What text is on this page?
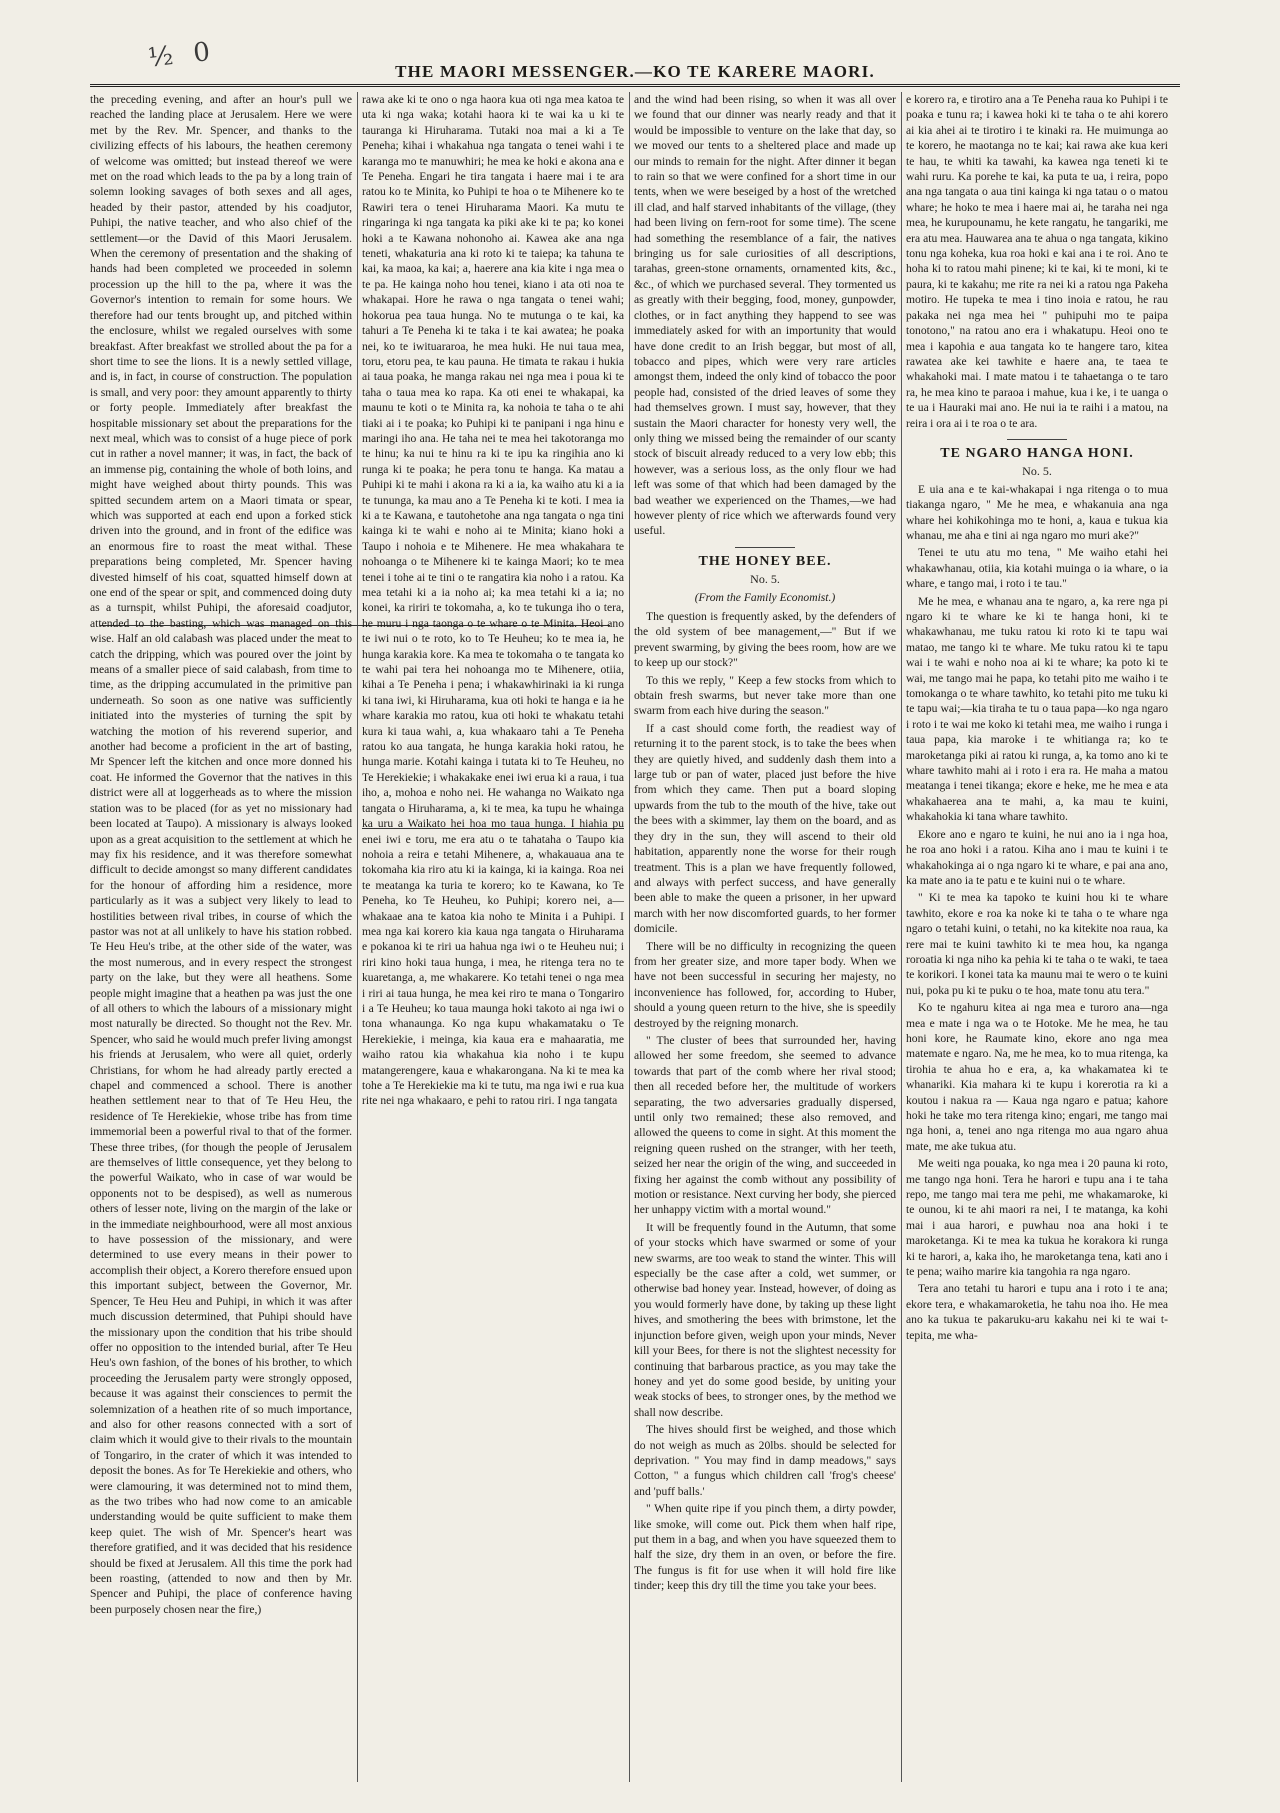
½ 0	THE MAORI MESSENGER.—KO TE KARERE MAORI.

the preceding evening, and after an hour's pull we reached the landing place at Jerusalem. Here we were met by the Rev. Mr. Spencer, and thanks to the civilizing effects of his labours, the heathen ceremony of welcome was omitted; but instead thereof we were met on the road which leads to the pa by a long train of solemn looking savages of both sexes and all ages, headed by their pastor, attended by his coadjutor, Puhipi, the native teacher, and who also chief of the settlement—or the David of this Maori Jerusalem. When the ceremony of presentation and the shaking of hands had been completed we proceeded in solemn procession up the hill to the pa, where it was the Governor's intention to remain for some hours. We therefore had our tents brought up, and pitched within the enclosure, whilst we regaled ourselves with some breakfast. After breakfast we strolled about the pa for a short time to see the lions. It is a newly settled village, and is, in fact, in course of construction. The population is small, and very poor: they amount apparently to thirty or forty people. Immediately after breakfast the hospitable missionary set about the preparations for the next meal, which was to consist of a huge piece of pork cut in rather a novel manner; it was, in fact, the back of an immense pig, containing the whole of both loins, and might have weighed about thirty pounds. This was spitted secundem artem on a Maori timata or spear, which was supported at each end upon a forked stick driven into the ground, and in front of the edifice was an enormous fire to roast the meat withal. These preparations being completed, Mr. Spencer having divested himself of his coat, squatted himself down at one end of the spear or spit, and commenced doing duty as a turnspit, whilst Puhipi, the aforesaid coadjutor, attended to the basting, which was managed on this wise. Half an old calabash was placed under the meat to catch the dripping, which was poured over the joint by means of a smaller piece of said calabash, from time to time, as the dripping accumulated in the primitive pan underneath. So soon as one native was sufficiently initiated into the mysteries of turning the spit by watching the motion of his reverend superior, and another had become a proficient in the art of basting, Mr Spencer left the kitchen and once more donned his coat. He informed the Governor that the natives in this district were all at loggerheads as to where the mission station was to be placed (for as yet no missionary had been located at Taupo). A missionary is always looked upon as a great acquisition to the settlement at which he may fix his residence, and it was therefore somewhat difficult to decide amongst so many different candidates for the honour of affording him a residence, more particularly as it was a subject very likely to lead to hostilities between rival tribes, in course of which the pastor was not at all unlikely to have his station robbed. Te Heu Heu's tribe, at the other side of the water, was the most numerous, and in every respect the strongest party on the lake, but they were all heathens. Some people might imagine that a heathen pa was just the one of all others to which the labours of a missionary might most naturally be directed. So thought not the Rev. Mr. Spencer, who said he would much prefer living amongst his friends at Jerusalem, who were all quiet, orderly Christians, for whom he had already partly erected a chapel and commenced a school. There is another heathen settlement near to that of Te Heu Heu, the residence of Te Herekiekie, whose tribe has from time immemorial been a powerful rival to that of the former. These three tribes, (for though the people of Jerusalem are themselves of little consequence, yet they belong to the powerful Waikato, who in case of war would be opponents not to be despised), as well as numerous others of lesser note, living on the margin of the lake or in the immediate neighbourhood, were all most anxious to have possession of the missionary, and were determined to use every means in their power to accomplish their object, a Korero therefore ensued upon this important subject, between the Governor, Mr. Spencer, Te Heu Heu and Puhipi, in which it was after much discussion determined, that Puhipi should have the missionary upon the condition that his tribe should offer no opposition to the intended burial, after Te Heu Heu's own fashion, of the bones of his brother, to which proceeding the Jerusalem party were strongly opposed, because it was against their consciences to permit the solemnization of a heathen rite of so much importance, and also for other reasons connected with a sort of claim which it would give to their rivals to the mountain of Tongariro, in the crater of which it was intended to deposit the bones. As for Te Herekiekie and others, who were clamouring, it was determined not to mind them, as the two tribes who had now come to an amicable understanding would be quite sufficient to make them keep quiet. The wish of Mr. Spencer's heart was therefore gratified, and it was decided that his residence should be fixed at Jerusalem. All this time the pork had been roasting, (attended to now and then by Mr. Spencer and Puhipi, the place of conference having been purposely chosen near the fire,)

rawa ake ki te ono o nga haora kua oti nga mea katoa te uta ki nga waka; kotahi haora ki te wai ka u ki te tauranga ki Hiruharama. Tutaki noa mai a ki a Te Peneha; kihai i whakahua nga tangata o tenei wahi i te karanga mo te manuwhiri; he mea ke hoki e akona ana e Te Peneha. Engari he tira tangata i haere mai i te ara ratou ko te Minita, ko Puhipi te hoa o te Mihenere ko te Rawiri tera o tenei Hiruharama Maori. Ka mutu te ringaringa ki nga tangata ka piki ake ki te pa; ko konei hoki a te Kawana nohonoho ai. Kawea ake ana nga teneti, whakaturia ana ki roto ki te taiepa; ka tahuna te kai, ka maoa, ka kai; a, haerere ana kia kite i nga mea o te pa. He kainga noho hou tenei, kiano i ata oti noa te whakapai. Hore he rawa o nga tangata o tenei wahi; hokorua pea taua hunga. No te mutunga o te kai, ka tahuri a Te Peneha ki te taka i te kai awatea; he poaka nei, ko te iwituararoa, he mea huki. He nui taua mea, toru, etoru pea, te kau pauna. He timata te rakau i hukia ai taua poaka, he manga rakau nei nga mea i poua ki te taha o taua mea ko rapa. Ka oti enei te whakapai, ka maunu te koti o te Minita ra, ka nohoia te taha o te ahi tiaki ai i te poaka; ko Puhipi ki te panipani i nga hinu e maringi iho ana. He taha nei te mea hei takotoranga mo te hinu; ka nui te hinu ra ki te ipu ka ringihia ano ki runga ki te poaka; he pera tonu te hanga. Ka matau a Puhipi ki te mahi i akona ra ki a ia, ka waiho atu ki a ia te tununga, ka mau ano a Te Peneha ki te koti. I mea ia ki a te Kawana, e tautohetohe ana nga tangata o nga tini kainga ki te wahi e noho ai te Minita; kiano hoki a Taupo i nohoia e te Mihenere. He mea whakahara te nohoanga o te Mihenere ki te kainga Maori; ko te mea tenei i tohe ai te tini o te rangatira kia noho i a ratou. Ka mea tetahi ki a ia noho ai; ka mea tetahi ki a ia; no konei, ka ririri te tokomaha, a, ko te tukunga iho o tera, he muru i nga taonga o te whare o te Minita. Heoi ano te iwi nui o te roto, ko to Te Heuheu; ko te mea ia, he hunga karakia kore. Ka mea te tokomaha o te tangata ko te wahi pai tera hei nohoanga mo te Mihenere, otiia, kihai a Te Peneha i pena; i whakawhirinaki ia ki runga ki tana iwi, ki Hiruharama, kua oti hoki te hanga e ia he whare karakia mo ratou, kua oti hoki te whakatu tetahi kura ki taua wahi, a, kua whakaaro tahi a Te Peneha ratou ko aua tangata, he hunga karakia hoki ratou, he hunga marie. Kotahi kainga i tutata ki to Te Heuheu, no Te Herekiekie; i whakakake enei iwi erua ki a raua, i tua iho, a, mohoa e noho nei. He wahanga no Waikato nga tangata o Hiruharama, a, ki te mea, ka tupu he whainga ka uru a Waikato hei hoa mo taua hunga. I hiahia pu enei iwi e toru, me era atu o te tahataha o Taupo kia nohoia a reira e tetahi Mihenere, a, whakauaua ana te tokomaha kia riro atu ki ia kainga, ki ia kainga. Roa nei te meatanga ka turia te korero; ko te Kawana, ko Te Peneha, ko Te Heuheu, ko Puhipi; korero nei, a—whakaae ana te katoa kia noho te Minita i a Puhipi. I mea nga kai korero kia kaua nga tangata o Hiruharama e pokanoa ki te riri ua hahua nga iwi o te Heuheu nui; i riri kino hoki taua hunga, i mea, he ritenga tera no te kuaretanga, a, me whakarere. Ko tetahi tenei o nga mea i riri ai taua hunga, he mea kei riro te mana o Tongariro i a Te Heuheu; ko taua maunga hoki takoto ai nga iwi o tona whanaunga. Ko nga kupu whakamataku o Te Herekiekie, i meinga, kia kaua era e mahaaratia, me waiho ratou kia whakahua kia noho i te kupu matangerengere, kaua e whakarongana. Na ki te mea ka tohe a Te Herekiekie ma ki te tutu, ma nga iwi e rua kua rite nei nga whakaaro, e pehi to ratou riri. I nga tangata

and the wind had been rising, so when it was all over we found that our dinner was nearly ready and that it would be impossible to venture on the lake that day, so we moved our tents to a sheltered place and made up our minds to remain for the night. After dinner it began to rain so that we were confined for a short time in our tents, when we were beseiged by a host of the wretched ill clad, and half starved inhabitants of the village, (they had been living on fern-root for some time). The scene had something the resemblance of a fair, the natives bringing us for sale curiosities of all descriptions, tarahas, green-stone ornaments, ornamented kits, &c., &c., of which we purchased several. They tormented us as greatly with their begging, food, money, gunpowder, clothes, or in fact anything they happend to see was immediately asked for with an importunity that would have done credit to an Irish beggar, but most of all, tobacco and pipes, which were very rare articles amongst them, indeed the only kind of tobacco the poor people had, consisted of the dried leaves of some they had themselves grown. I must say, however, that they sustain the Maori character for honesty very well, the only thing we missed being the remainder of our scanty stock of biscuit already reduced to a very low ebb; this however, was a serious loss, as the only flour we had left was some of that which had been damaged by the bad weather we experienced on the Thames,—we had however plenty of rice which we afterwards found very useful.

THE HONEY BEE.
No. 5.
(From the Family Economist.)

The question is frequently asked, by the defenders of the old system of bee management,—" But if we prevent swarming, by giving the bees room, how are we to keep up our stock?"

To this we reply, " Keep a few stocks from which to obtain fresh swarms, but never take more than one swarm from each hive during the season."

If a cast should come forth, the readiest way of returning it to the parent stock, is to take the bees when they are quietly hived, and suddenly dash them into a large tub or pan of water, placed just before the hive from which they came. Then put a board sloping upwards from the tub to the mouth of the hive, take out the bees with a skimmer, lay them on the board, and as they dry in the sun, they will ascend to their old habitation, apparently none the worse for their rough treatment. This is a plan we have frequently followed, and always with perfect success, and have generally been able to make the queen a prisoner, in her upward march with her now discomforted guards, to her former domicile.

There will be no difficulty in recognizing the queen from her greater size, and more taper body. When we have not been successful in securing her majesty, no inconvenience has followed, for, according to Huber, should a young queen return to the hive, she is speedily destroyed by the reigning monarch.

" The cluster of bees that surrounded her, having allowed her some freedom, she seemed to advance towards that part of the comb where her rival stood; then all receded before her, the multitude of workers separating, the two adversaries gradually dispersed, until only two remained; these also removed, and allowed the queens to come in sight. At this moment the reigning queen rushed on the stranger, with her teeth, seized her near the origin of the wing, and succeeded in fixing her against the comb without any possibility of motion or resistance. Next curving her body, she pierced her unhappy victim with a mortal wound."

It will be frequently found in the Autumn, that some of your stocks which have swarmed or some of your new swarms, are too weak to stand the winter. This will especially be the case after a cold, wet summer, or otherwise bad honey year. Instead, however, of doing as you would formerly have done, by taking up these light hives, and smothering the bees with brimstone, let the injunction before given, weigh upon your minds, Never kill your Bees, for there is not the slightest necessity for continuing that barbarous practice, as you may take the honey and yet do some good beside, by uniting your weak stocks of bees, to stronger ones, by the method we shall now describe.

The hives should first be weighed, and those which do not weigh as much as 20lbs. should be selected for deprivation. " You may find in damp meadows," says Cotton, " a fungus which children call 'frog's cheese' and 'puff balls.'

" When quite ripe if you pinch them, a dirty powder, like smoke, will come out. Pick them when half ripe, put them in a bag, and when you have squeezed them to half the size, dry them in an oven, or before the fire. The fungus is fit for use when it will hold fire like tinder; keep this dry till the time you take your bees.

e korero ra, e tirotiro ana a Te Peneha raua ko Puhipi i te poaka e tunu ra; i kawea hoki ki te taha o te ahi korero ai kia ahei ai te tirotiro i te kinaki ra. He muimunga ao te korero, he maotanga no te kai; kai rawa ake kua keri te hau, te whiti ka tawahi, ka kawea nga teneti ki te wahi ruru. Ka porehe te kai, ka puta te ua, i reira, popo ana nga tangata o aua tini kainga ki nga tatau o o matou whare; he hoko te mea i haere mai ai, he taraha nei nga mea, he kurupounamu, he kete rangatu, he tangariki, me era atu mea. Hauwarea ana te ahua o nga tangata, kikino tonu nga koheka, kua roa hoki e kai ana i te roi. Ano te hoha ki to ratou mahi pinene; ki te kai, ki te moni, ki te paura, ki te kakahu; me rite ra nei ki a ratou nga Pakeha motiro. He tupeka te mea i tino inoia e ratou, he rau pakaka nei nga mea hei " puhipuhi mo te paipa tonotono," na ratou ano era i whakatupu. Heoi ono te mea i kapohia e aua tangata ko te hangere taro, kitea rawatea ake kei tawhite e haere ana, te taea te whakahoki mai. I mate matou i te tahaetanga o te taro ra, he mea kino te paraoa i mahue, kua i ke, i te uanga o te ua i Hauraki mai ano. He nui ia te raihi i a matou, na reira i ora ai i te roa o te ara.

TE NGARO HANGA HONI.
No. 5.

E uia ana e te kai-whakapai i nga ritenga o to mua tiakanga ngaro, " Me he mea, e whakanuia ana nga whare hei kohikohinga mo te honi, a, kaua e tukua kia whanau, me aha e tini ai nga ngaro mo muri ake?"

Tenei te utu atu mo tena, " Me waiho etahi hei whakawhanau, otiia, kia kotahi muinga o ia whare, o ia whare, e tango mai, i roto i te tau."

Me he mea, e whanau ana te ngaro, a, ka rere nga pi ngaro ki te whare ke ki te hanga honi, ki te whakawhanau, me tuku ratou ki roto ki te tapu wai matao, me tango ki te whare. Me tuku ratou ki te tapu wai i te wahi e noho noa ai ki te whare; ka poto ki te wai, me tango mai he papa, ko tetahi pito me waiho i te tomokanga o te whare tawhito, ko tetahi pito me tuku ki te tapu wai;—kia tiraha te tu o taua papa—ko nga ngaro i roto i te wai me koko ki tetahi mea, me waiho i runga i taua papa, kia maroke i te whitianga ra; ko te maroketanga piki ai ratou ki runga, a, ka tomo ano ki te whare tawhito mahi ai i roto i era ra. He maha a matou meatanga i tenei tikanga; ekore e heke, me he mea e ata whakahaerea ana te mahi, a, ka mau te kuini, whakahokia ki tana whare tawhito.

Ekore ano e ngaro te kuini, he nui ano ia i nga hoa, he roa ano hoki i a ratou. Kiha ano i mau te kuini i te whakahokinga ai o nga ngaro ki te whare, e pai ana ano, ka mate ano ia te patu e te kuini nui o te whare.

" Ki te mea ka tapoko te kuini hou ki te whare tawhito, ekore e roa ka noke ki te taha o te whare nga ngaro o tetahi kuini, o tetahi, no ka kitekite noa raua, ka rere mai te kuini tawhito ki te mea hou, ka nganga roroatia ki nga niho ka pehia ki te taha o te waki, te taea te korikori. I konei tata ka maunu mai te wero o te kuini nui, poka pu ki te puku o te hoa, mate tonu atu tera."

Ko te ngahuru kitea ai nga mea e turoro ana—nga mea e mate i nga wa o te Hotoke. Me he mea, he tau honi kore, he Raumate kino, ekore ano nga mea matemate e ngaro. Na, me he mea, ko to mua ritenga, ka tirohia te ahua ho e era, a, ka whakamatea ki te whanariki. Kia mahara ki te kupu i korerotia ra ki a koutou i nakua ra — Kaua nga ngaro e patua; kahore hoki he take mo tera ritenga kino; engari, me tango mai nga honi, a, tenei ano nga ritenga mo aua ngaro ahua mate, me ake tukua atu.

Me weiti nga pouaka, ko nga mea i 20 pauna ki roto, me tango nga honi. Tera he harori e tupu ana i te taha repo, me tango mai tera me pehi, me whakamaroke, ki te ounou, ki te ahi maori ra nei, I te matanga, ka kohi mai i aua harori, e puwhau noa ana hoki i te maroketanga. Ki te mea ka tukua he korakora ki runga ki te harori, a, kaka iho, he maroketanga tena, kati ano i te pena; waiho marire kia tangohia ra nga ngaro.

Tera ano tetahi tu harori e tupu ana i roto i te ana; ekore tera, e whakamaroketia, he tahu noa iho. He mea ano ka tukua te pakaruku-aru kakahu nei ki te wai t-tepita, me wha-
